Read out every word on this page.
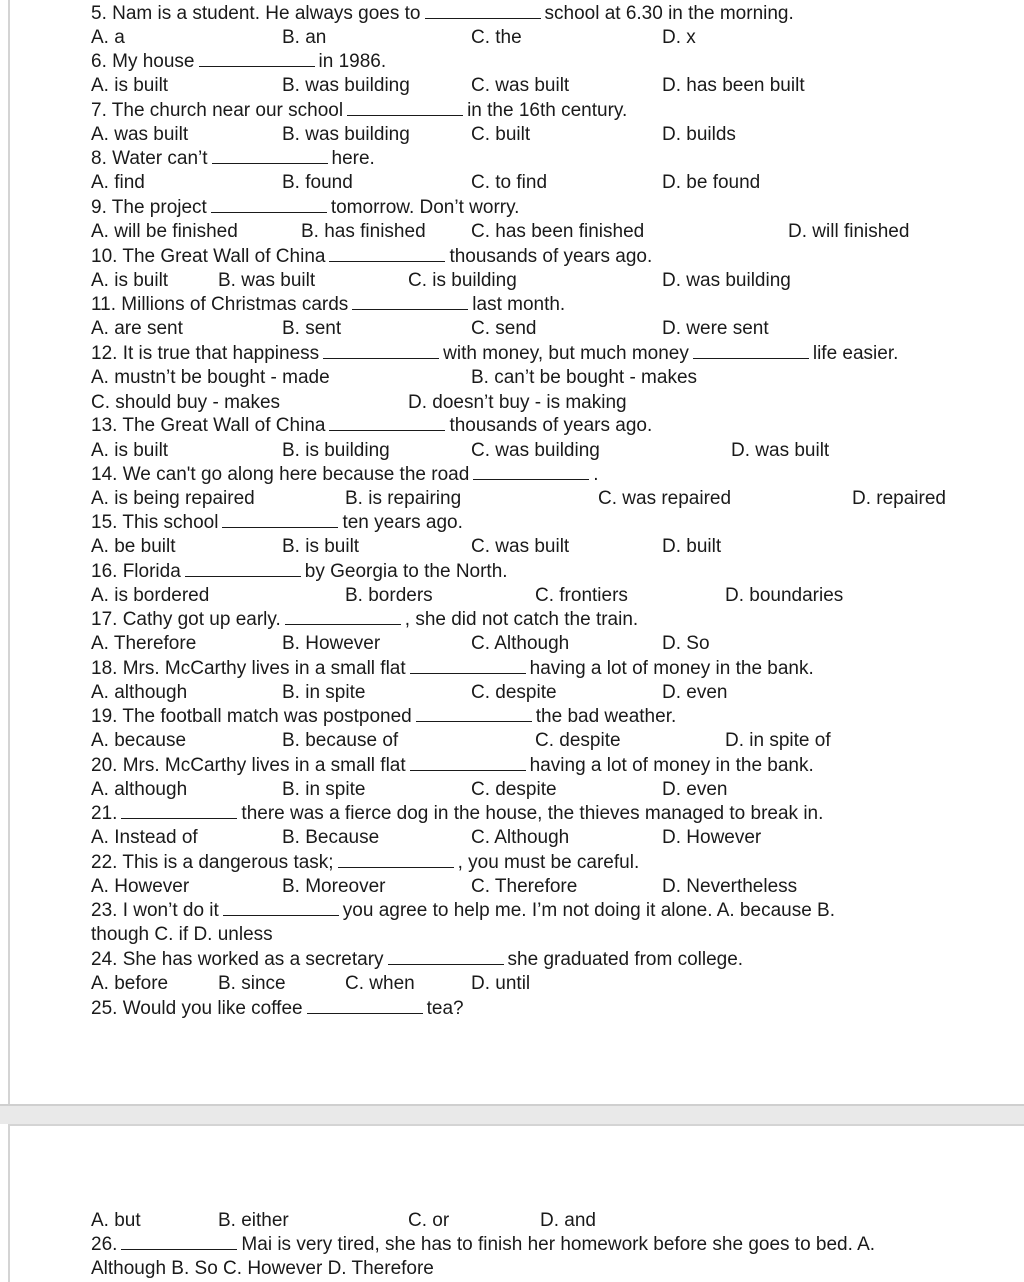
5. Nam is a student. He always goes to	school at 6.30 in the morning.
A. a	B. an	C. the	D. x
6. My house	in 1986.
A. is built	B. was building	C. was built	D. has been built
7. The church near our school	in the 16th century.
A. was built	B. was building	C. built	D. builds
8. Water can’t	here.
A. find	B. found	C. to find	D. be found
9. The project	tomorrow. Don’t worry.
A. will be finished	B. has finished C. has been finished	D. will finished
10. The Great Wall of China	thousands of years ago.
A. is built	B. was built	C. is building	D. was building
11. Millions of Christmas cards	last month.
A. are sent	B. sent	C. send	D. were sent
12. It is true that happiness	with money, but much money	life easier.
A. mustn’t be bought - made	B. can’t be bought - makes
C. should buy - makes	D. doesn’t buy - is making
13. The Great Wall of China	thousands of years ago.
A. is built	B. is building	C. was building	D. was built
14. We can't go along here because the road	.
A. is being repaired	B. is repairing	C. was repaired	D. repaired
15. This school	ten years ago.
A. be built	B. is built	C. was built	D. built
16. Florida	by Georgia to the North.
A. is bordered	B. borders	C. frontiers	D. boundaries
17. Cathy got up early.	, she did not catch the train.
A. Therefore	B. However	C. Although	D. So
18. Mrs. McCarthy lives in a small flat	having a lot of money in the bank.
A. although	B. in spite	C. despite	D. even
19. The football match was postponed	the bad weather.
A. because	B. because of	C. despite	D. in spite of
20. Mrs. McCarthy lives in a small flat	having a lot of money in the bank.
A. although	B. in spite	C. despite	D. even
21.	there was a fierce dog in the house, the thieves managed to break in.
A. Instead of	B. Because	C. Although	D. However
22. This is a dangerous task;	, you must be careful.
A. However	B. Moreover	C. Therefore	D. Nevertheless
23. I won’t do it	you agree to help me. I’m not doing it alone. A. because B.
though C. if D. unless
24. She has worked as a secretary	she graduated from college.
A. before	B. since	C. when	D. until
25. Would you like coffee	tea?
A. but	B. either	C. or	D. and
26.	Mai is very tired, she has to finish her homework before she goes to bed. A.
Although B. So C. However D. Therefore
